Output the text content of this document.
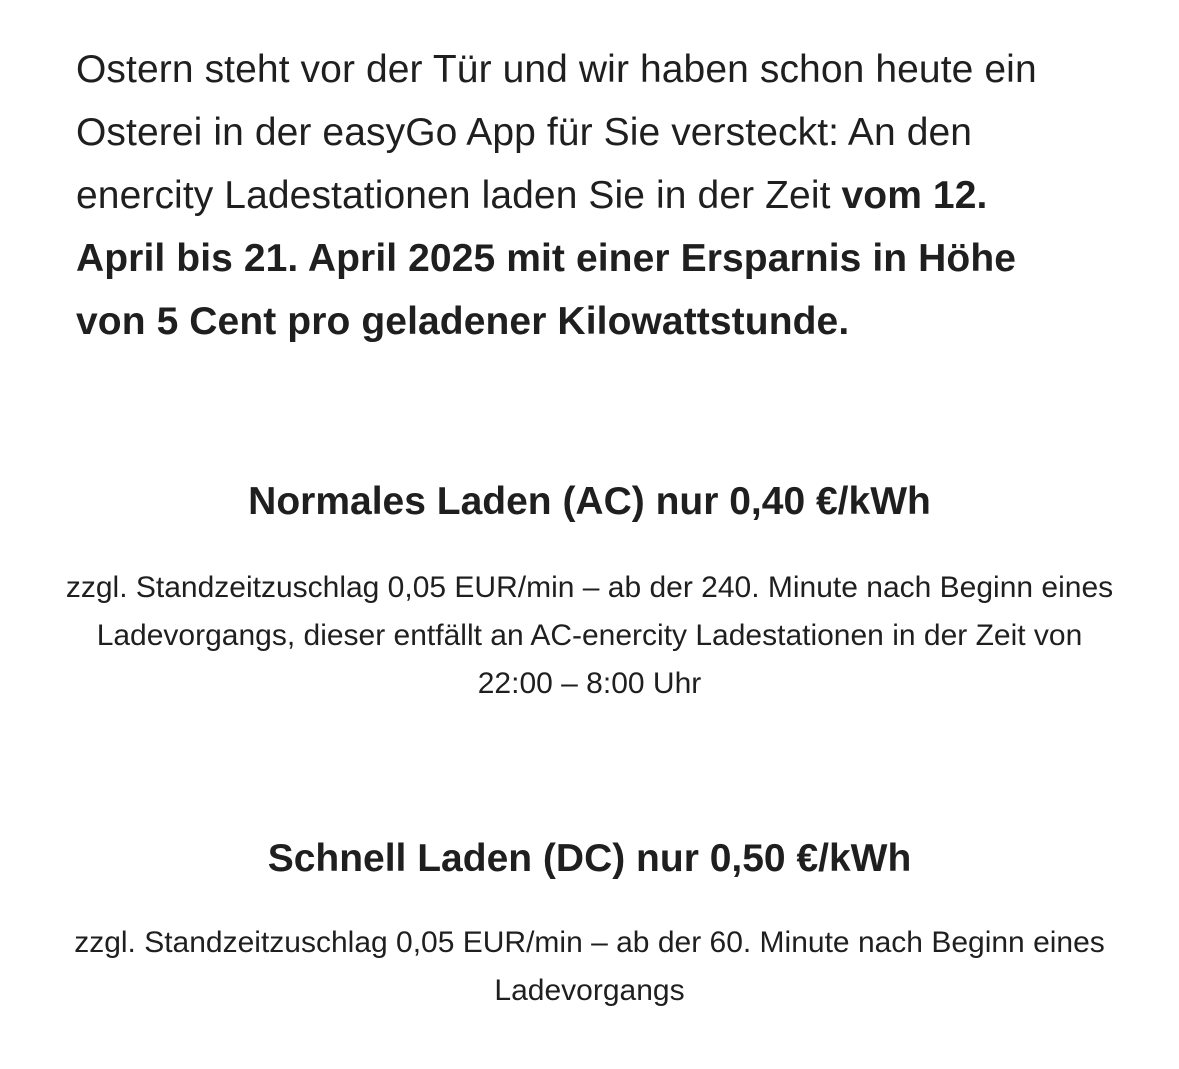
Ostern steht vor der Tür und wir haben schon heute ein Osterei in der easyGo App für Sie versteckt: An den enercity Ladestationen laden Sie in der Zeit vom 12. April bis 21. April 2025 mit einer Ersparnis in Höhe von 5 Cent pro geladener Kilowattstunde.

Normales Laden (AC) nur 0,40 €/kWh

zzgl. Standzeitzuschlag 0,05 EUR/min – ab der 240. Minute nach Beginn eines Ladevorgangs, dieser entfällt an AC-enercity Ladestationen in der Zeit von 22:00 – 8:00 Uhr

Schnell Laden (DC) nur 0,50 €/kWh

zzgl. Standzeitzuschlag 0,05 EUR/min – ab der 60. Minute nach Beginn eines Ladevorgangs
